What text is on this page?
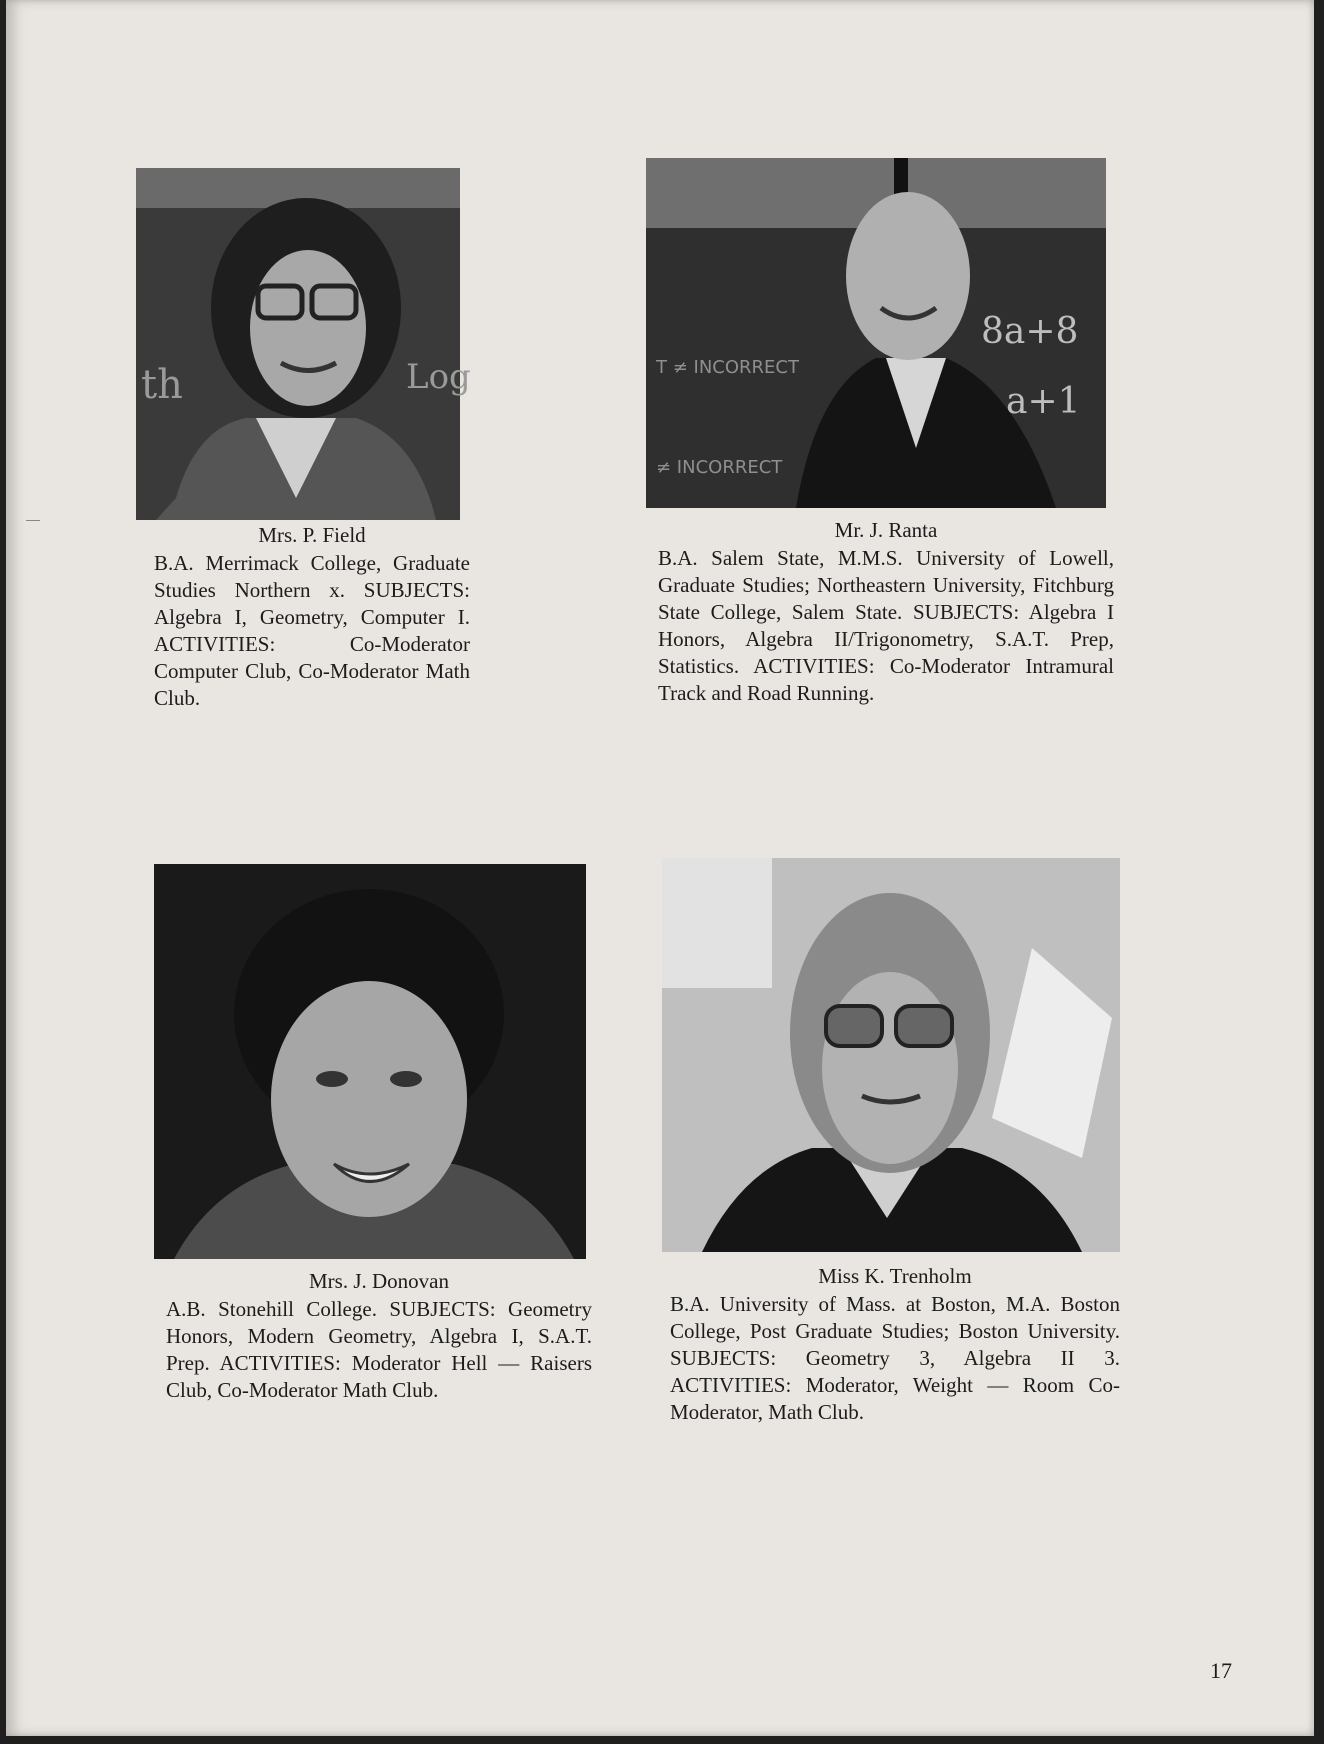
th	Log	T ≠ INCORRECT
≠ INCORRECT
8a+8
a+1
Mrs. P. Field
B.A. Merrimack College, Graduate Studies Northern x. SUBJECTS: Algebra I, Geometry, Computer I. ACTIVITIES: Co-Moderator Computer Club, Co-Moderator Math Club.
Mr. J. Ranta
B.A. Salem State, M.M.S. University of Lowell, Graduate Studies; Northeastern University, Fitchburg State College, Salem State. SUBJECTS: Algebra I Honors, Algebra II/Trigonometry, S.A.T. Prep, Statistics. ACTIVITIES: Co-Moderator Intramural Track and Road Running.
Mrs. J. Donovan
A.B. Stonehill College. SUBJECTS: Geometry Honors, Modern Geometry, Algebra I, S.A.T. Prep. ACTIVITIES: Moderator Hell — Raisers Club, Co-Moderator Math Club.
Miss K. Trenholm
B.A. University of Mass. at Boston, M.A. Boston College, Post Graduate Studies; Boston University. SUBJECTS: Geometry 3, Algebra II 3. ACTIVITIES: Moderator, Weight — Room Co-Moderator, Math Club.
17
